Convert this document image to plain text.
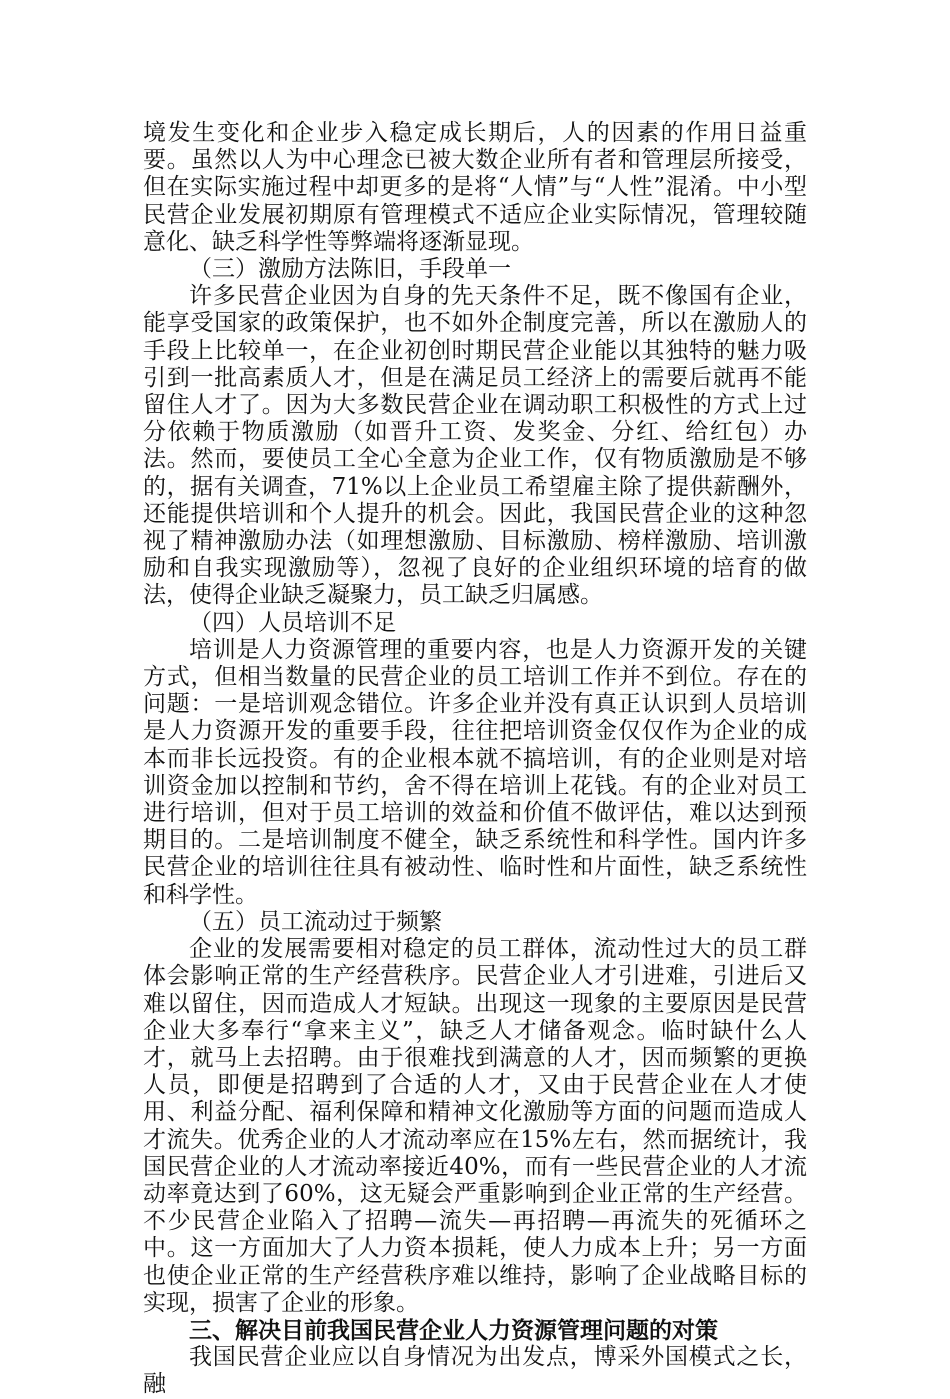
境发生变化和企业步入稳定成长期后，人的因素的作用日益重要。虽然以人为中心理念已被大数企业所有者和管理层所接受，但在实际实施过程中却更多的是将“人情”与“人性”混淆。中小型民营企业发展初期原有管理模式不适应企业实际情况，管理较随意化、缺乏科学性等弊端将逐渐显现。

（三）激励方法陈旧，手段单一

许多民营企业因为自身的先天条件不足，既不像国有企业，能享受国家的政策保护，也不如外企制度完善，所以在激励人的手段上比较单一，在企业初创时期民营企业能以其独特的魅力吸引到一批高素质人才，但是在满足员工经济上的需要后就再不能留住人才了。因为大多数民营企业在调动职工积极性的方式上过分依赖于物质激励（如晋升工资、发奖金、分红、给红包）办法。然而，要使员工全心全意为企业工作，仅有物质激励是不够的，据有关调查，71%以上企业员工希望雇主除了提供薪酬外，还能提供培训和个人提升的机会。因此，我国民营企业的这种忽视了精神激励办法（如理想激励、目标激励、榜样激励、培训激励和自我实现激励等），忽视了良好的企业组织环境的培育的做法，使得企业缺乏凝聚力，员工缺乏归属感。

（四）人员培训不足

培训是人力资源管理的重要内容，也是人力资源开发的关键方式，但相当数量的民营企业的员工培训工作并不到位。存在的问题：一是培训观念错位。许多企业并没有真正认识到人员培训是人力资源开发的重要手段，往往把培训资金仅仅作为企业的成本而非长远投资。有的企业根本就不搞培训，有的企业则是对培训资金加以控制和节约，舍不得在培训上花钱。有的企业对员工进行培训，但对于员工培训的效益和价值不做评估，难以达到预期目的。二是培训制度不健全，缺乏系统性和科学性。国内许多民营企业的培训往往具有被动性、临时性和片面性，缺乏系统性和科学性。

（五）员工流动过于频繁

企业的发展需要相对稳定的员工群体，流动性过大的员工群体会影响正常的生产经营秩序。民营企业人才引进难，引进后又难以留住，因而造成人才短缺。出现这一现象的主要原因是民营企业大多奉行“拿来主义”，缺乏人才储备观念。临时缺什么人才，就马上去招聘。由于很难找到满意的人才，因而频繁的更换人员，即便是招聘到了合适的人才，又由于民营企业在人才使用、利益分配、福利保障和精神文化激励等方面的问题而造成人才流失。优秀企业的人才流动率应在15%左右，然而据统计，我国民营企业的人才流动率接近40%，而有一些民营企业的人才流动率竟达到了60%，这无疑会严重影响到企业正常的生产经营。不少民营企业陷入了招聘—流失—再招聘—再流失的死循环之中。这一方面加大了人力资本损耗，使人力成本上升；另一方面也使企业正常的生产经营秩序难以维持，影响了企业战略目标的实现，损害了企业的形象。

三、解决目前我国民营企业人力资源管理问题的对策

我国民营企业应以自身情况为出发点，博采外国模式之长，融
